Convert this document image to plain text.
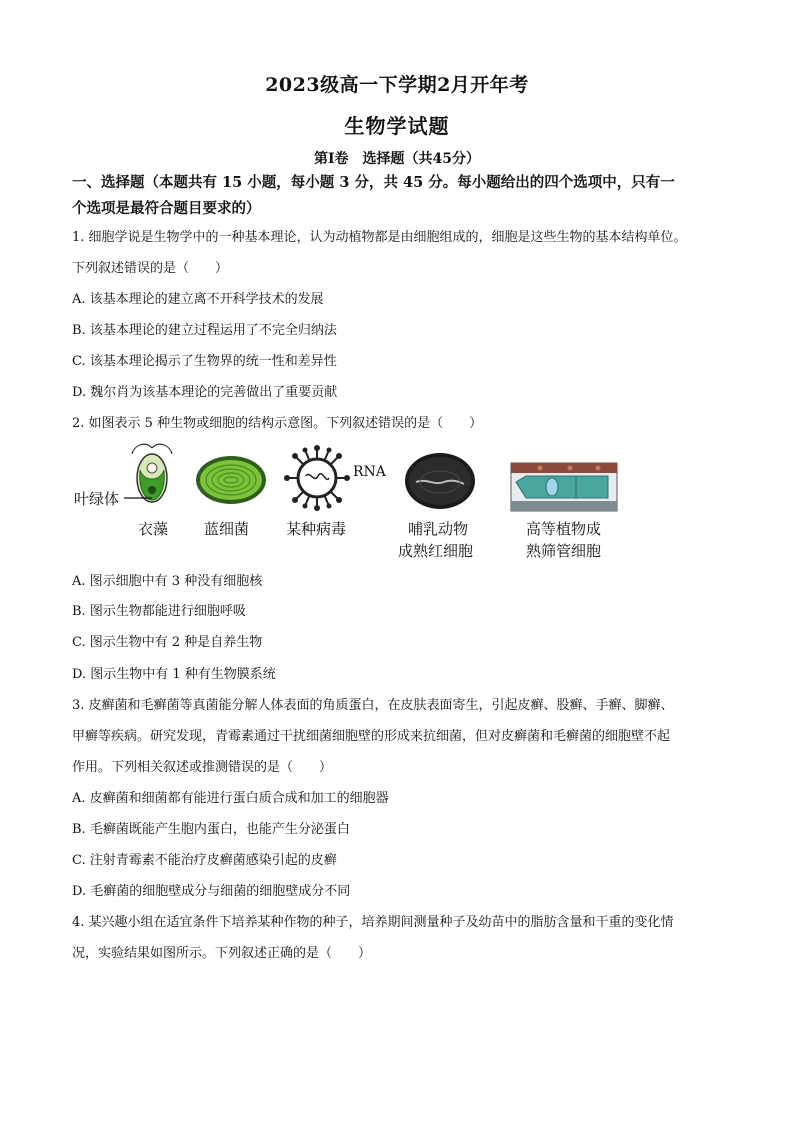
2023级高一下学期2月开年考
生物学试题
第Ⅰ卷　选择题（共45分）
一、选择题（本题共有 15 小题，每小题 3 分，共 45 分。每小题给出的四个选项中，只有一
个选项是最符合题目要求的）
1. 细胞学说是生物学中的一种基本理论，认为动植物都是由细胞组成的，细胞是这些生物的基本结构单位。
下列叙述错误的是（　　）
A. 该基本理论的建立离不开科学技术的发展
B. 该基本理论的建立过程运用了不完全归纳法
C. 该基本理论揭示了生物界的统一性和差异性
D. 魏尔肖为该基本理论的完善做出了重要贡献
2. 如图表示 5 种生物或细胞的结构示意图。下列叙述错误的是（　　）
叶绿体
衣藻 蓝细菌
RNA
某种病毒	哺乳动物
成熟红细胞
高等植物成
熟筛管细胞
A. 图示细胞中有 3 种没有细胞核
B. 图示生物都能进行细胞呼吸
C. 图示生物中有 2 种是自养生物
D. 图示生物中有 1 种有生物膜系统
3. 皮癣菌和毛癣菌等真菌能分解人体表面的角质蛋白，在皮肤表面寄生，引起皮癣、股癣、手癣、脚癣、
甲癣等疾病。研究发现，青霉素通过干扰细菌细胞壁的形成来抗细菌，但对皮癣菌和毛癣菌的细胞壁不起
作用。下列相关叙述或推测错误的是（　　）
A. 皮癣菌和细菌都有能进行蛋白质合成和加工的细胞器
B. 毛癣菌既能产生胞内蛋白，也能产生分泌蛋白
C. 注射青霉素不能治疗皮癣菌感染引起的皮癣
D. 毛癣菌的细胞壁成分与细菌的细胞壁成分不同
4. 某兴趣小组在适宜条件下培养某种作物的种子，培养期间测量种子及幼苗中的脂肪含量和干重的变化情
况，实验结果如图所示。下列叙述正确的是（　　）
